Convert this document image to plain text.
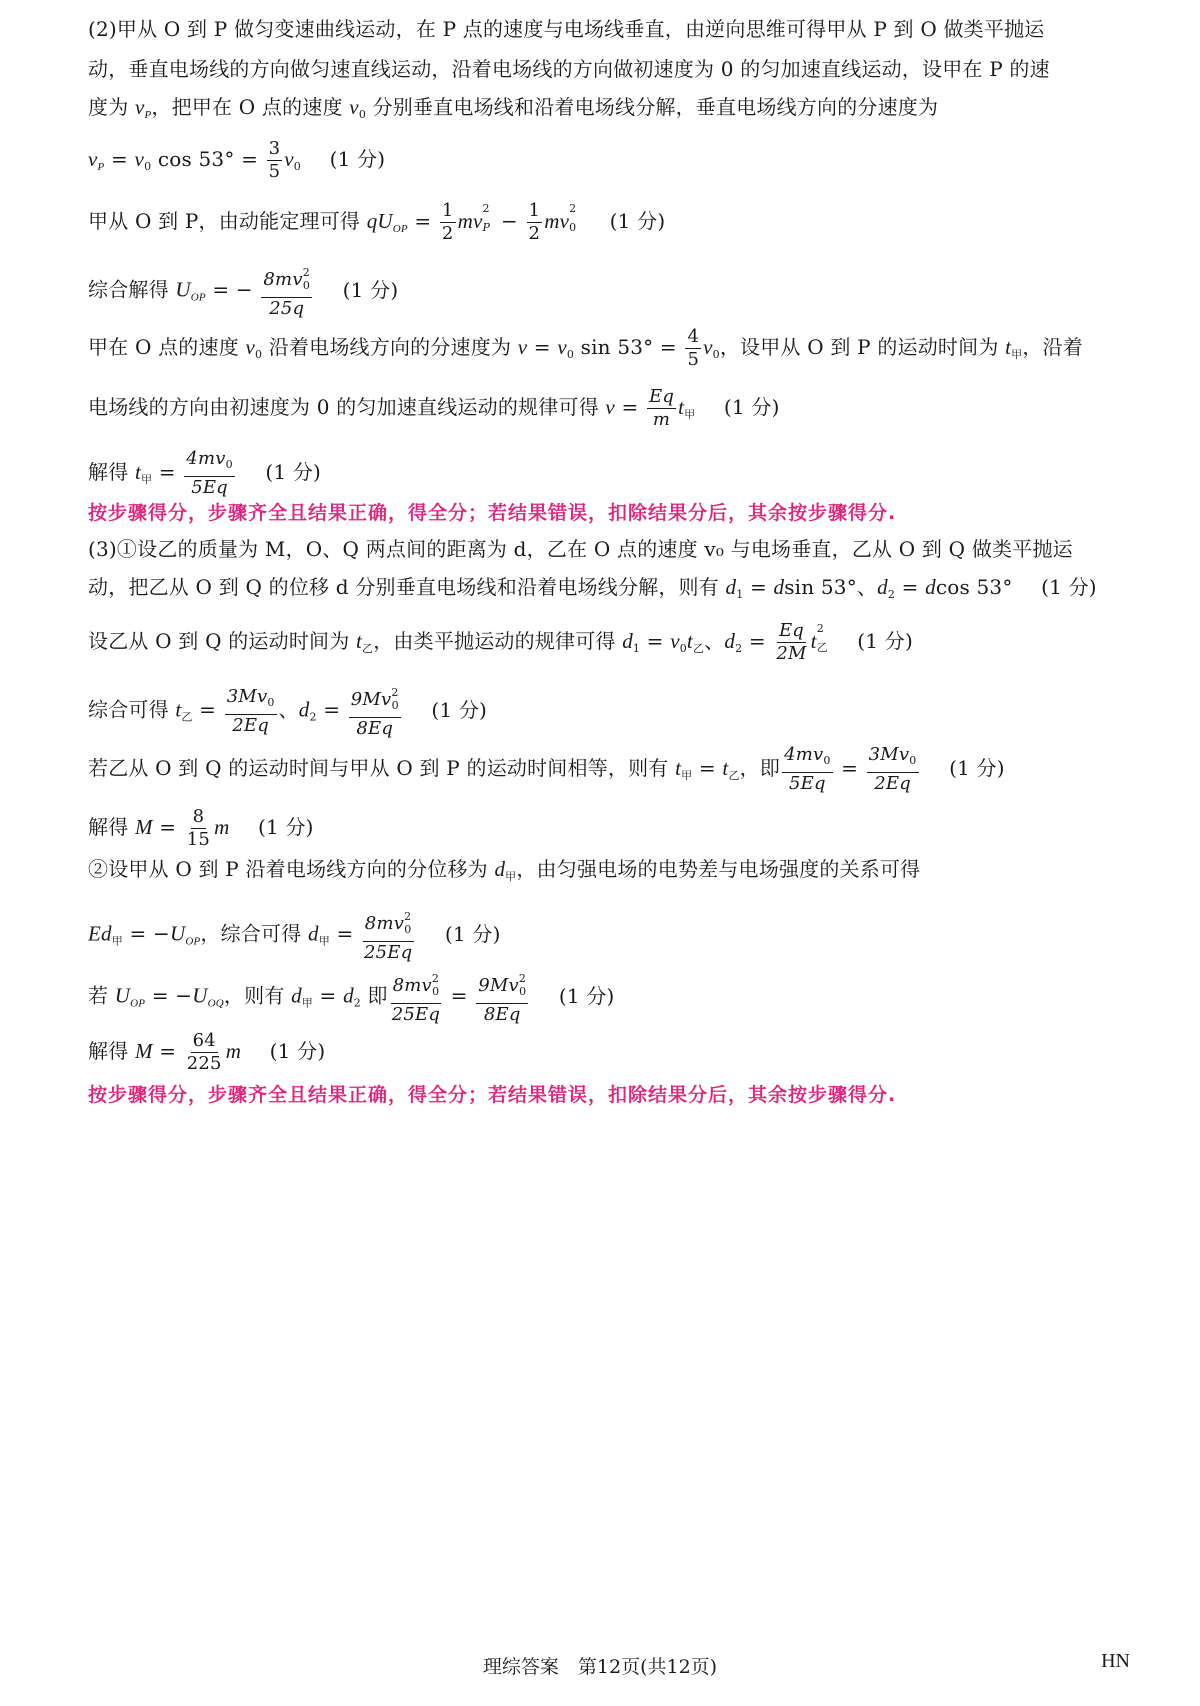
(2)甲从 O 到 P 做匀变速曲线运动，在 P 点的速度与电场线垂直，由逆向思维可得甲从 P 到 O 做类平抛运
动，垂直电场线的方向做匀速直线运动，沿着电场线的方向做初速度为 0 的匀加速直线运动，设甲在 P 的速
度为 $v_P$，把甲在 O 点的速度 $v_0$ 分别垂直电场线和沿着电场线分解，垂直电场线方向的分速度为
$v_P = v_0$ $\cos 53^\circ = \frac{3}{5} v_0$ (1 分)
甲从 O 到 P，由动能定理可得 $qU_{OP} = \frac{1}{2}$ mv
2
$P - \frac{1}{2}$ mv
2
0 (1 分)
综合解得 $U_{OP}$ = − $\frac{8mv^2_0}{25q} (1$ 分)
甲在 O 点的速度 $v_0$ 沿着电场线方向的分速度为 $v = v_0$ $\sin 53^\circ = \frac{4}{5} v_0$，设甲从 O 到 P 的运动时间为 $t_甲$，沿着
电场线的方向由初速度为 0 的匀加速直线运动的规律可得 $v = \frac{Eq}{m} t_甲$ (1 分)
解得 $t_甲 = \frac{4mv_0}{5Eq} (1$ 分)
按步骤得分，步骤齐全且结果正确，得全分；若结果错误，扣除结果分后，其余按步骤得分.
(3)①设乙的质量为 M，O、Q 两点间的距离为 d，乙在 O 点的速度 v₀ 与电场垂直，乙从 O 到 Q 做类平抛运
动，把乙从 O 到 Q 的位移 d 分别垂直电场线和沿着电场线分解，则有 $d_1 = dsin$ 53°、$d_2 = dcos$ 53° (1 分)
设乙从 O 到 Q 的运动时间为 $t_乙$，由类平抛运动的规律可得 $d_1 = v_0t_乙$、$d_2 = \frac{Eq}{2M}$ t
2
乙 (1 分)
综合可得 $t_乙 = \frac{3Mv_0}{2Eq}$ 、$d_2 = \frac{9Mv^2_0}{8Eq} (1$ 分)
若乙从 O 到 Q 的运动时间与甲从 O 到 P 的运动时间相等，则有 $t_甲 = t_乙$，即 $\frac{4mv_0}{5Eq} = \frac{3Mv_0}{2Eq} (1$ 分)
解得 $M = \frac{8}{15}$ m (1 分)
②设甲从 O 到 P 沿着电场线方向的分位移为 $d_甲$，由匀强电场的电势差与电场强度的关系可得
$Ed_甲 = -U_{OP}$，综合可得 $d_甲 = \frac{8mv^2_0}{25Eq} (1$ 分)
若 $U_{OP} = -U_{OQ}$，则有 $d_甲 = d_2$ 即 $\frac{8mv^2_0}{25Eq} = \frac{9Mv^2_0}{8Eq} (1$ 分)
解得 $M = \frac{64}{225}$ m (1 分)
按步骤得分，步骤齐全且结果正确，得全分；若结果错误，扣除结果分后，其余按步骤得分.
理综答案　第12页(共12页)	HN
